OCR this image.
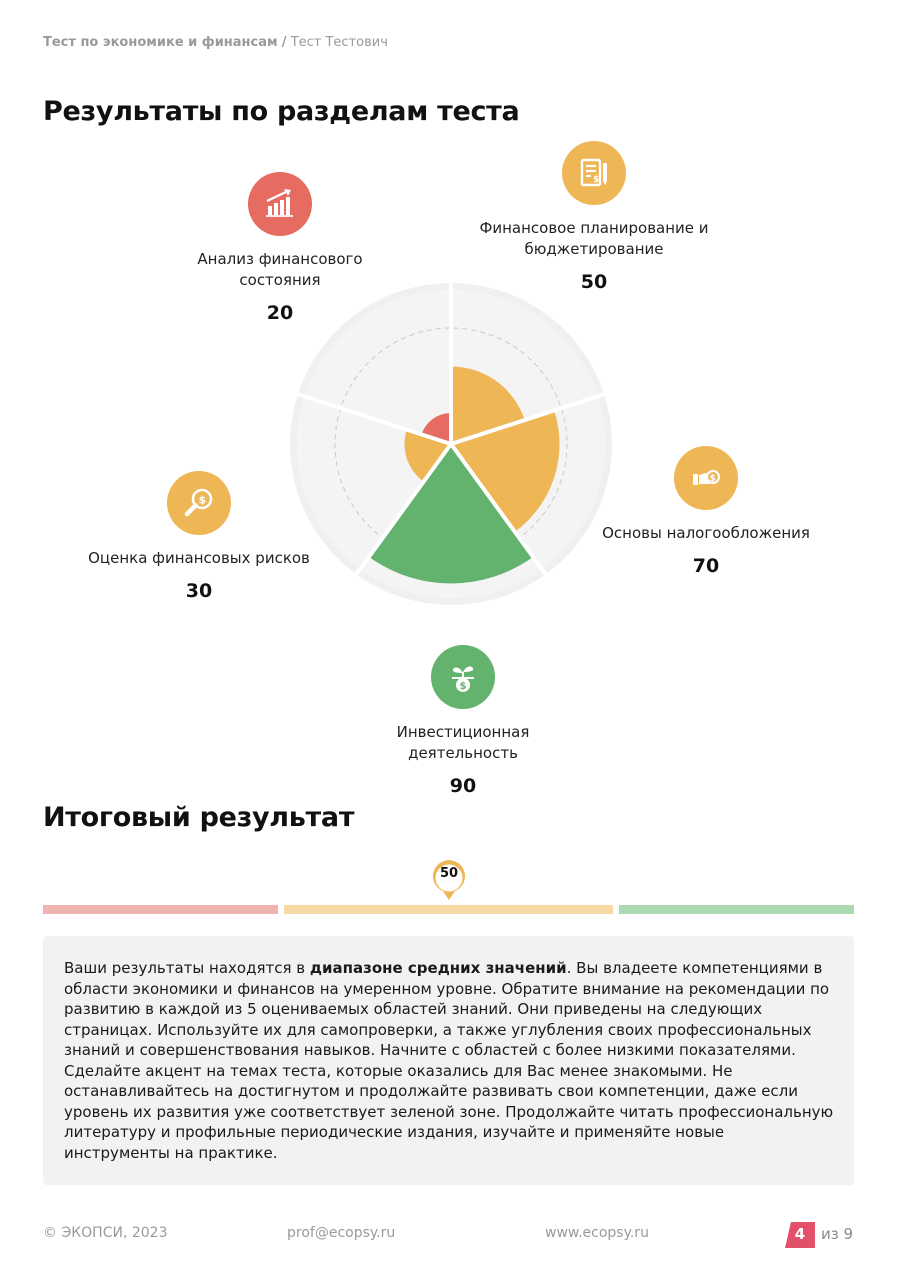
Тест по экономике и финансам / Тест Тестович
Результаты по разделам теста
$
Финансовое планирование и бюджетирование
50
$
Основы налогообложения
70
$
Инвестиционная деятельность
90
$
Оценка финансовых рисков
30
Анализ финансового состояния
20
Итоговый результат
50
Ваши результаты находятся в диапазоне средних значений. Вы владеете компетенциями в области экономики и финансов на умеренном уровне. Обратите внимание на рекомендации по развитию в каждой из 5 оцениваемых областей знаний. Они приведены на следующих страницах. Используйте их для самопроверки, а также углубления своих профессиональных знаний и совершенствования навыков. Начните с областей с более низкими показателями. Сделайте акцент на темах теста, которые оказались для Вас менее знакомыми. Не останавливайтесь на достигнутом и продолжайте развивать свои компетенции, даже если уровень их развития уже соответствует зеленой зоне. Продолжайте читать профессиональную литературу и профильные периодические издания, изучайте и применяйте новые инструменты на практике.
© ЭКОПСИ, 2023	prof@ecopsy.ru	www.ecopsy.ru	4	из 9
